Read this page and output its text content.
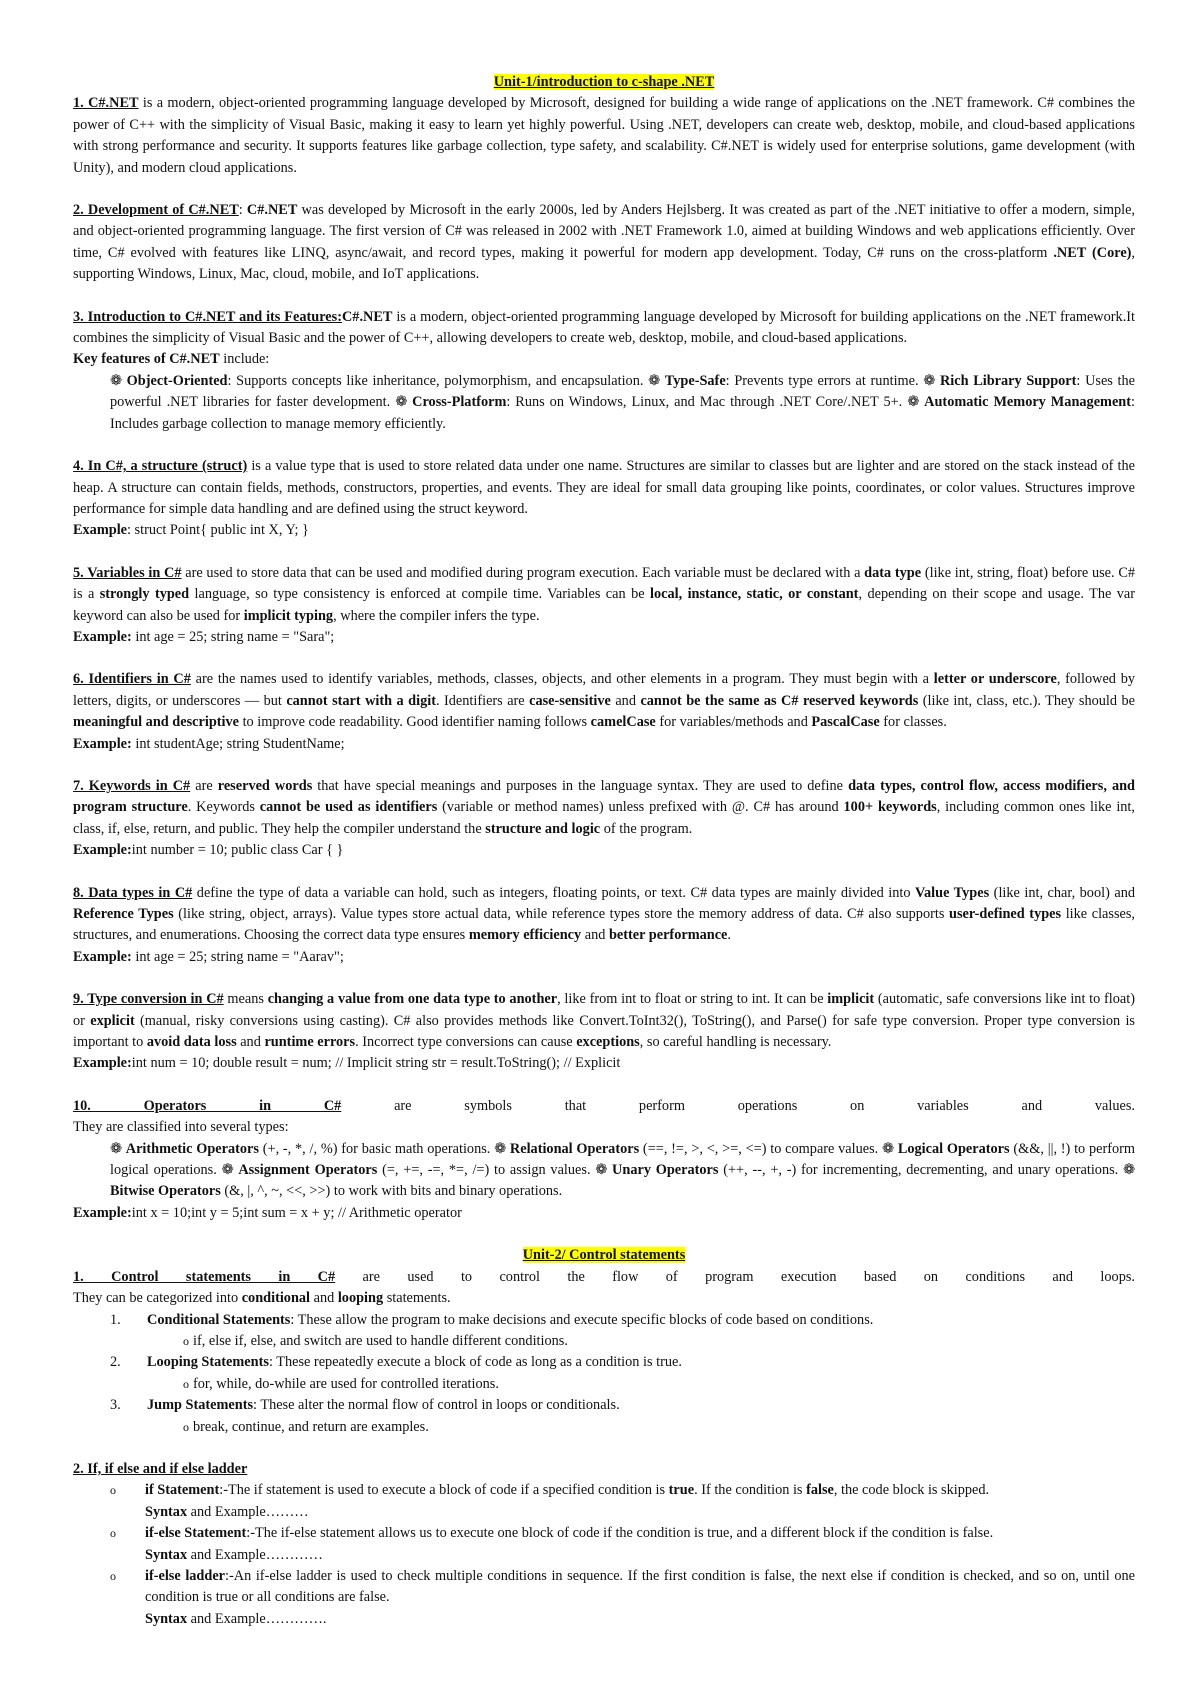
Unit-1/introduction to c-shape .NET

1. C#.NET is a modern, object-oriented programming language developed by Microsoft, designed for building a wide range of applications on the .NET framework. C# combines the power of C++ with the simplicity of Visual Basic, making it easy to learn yet highly powerful. Using .NET, developers can create web, desktop, mobile, and cloud-based applications with strong performance and security. It supports features like garbage collection, type safety, and scalability. C#.NET is widely used for enterprise solutions, game development (with Unity), and modern cloud applications.

2. Development of C#.NET: C#.NET was developed by Microsoft in the early 2000s, led by Anders Hejlsberg. It was created as part of the .NET initiative to offer a modern, simple, and object-oriented programming language. The first version of C# was released in 2002 with .NET Framework 1.0, aimed at building Windows and web applications efficiently. Over time, C# evolved with features like LINQ, async/await, and record types, making it powerful for modern app development. Today, C# runs on the cross-platform .NET (Core), supporting Windows, Linux, Mac, cloud, mobile, and IoT applications.

3. Introduction to C#.NET and its Features:C#.NET is a modern, object-oriented programming language developed by Microsoft for building applications on the .NET framework.It combines the simplicity of Visual Basic and the power of C++, allowing developers to create web, desktop, mobile, and cloud-based applications.

Key features of C#.NET include:

❁ Object-Oriented: Supports concepts like inheritance, polymorphism, and encapsulation. ❁ Type-Safe: Prevents type errors at runtime. ❁ Rich Library Support: Uses the powerful .NET libraries for faster development. ❁ Cross-Platform: Runs on Windows, Linux, and Mac through .NET Core/.NET 5+. ❁ Automatic Memory Management: Includes garbage collection to manage memory efficiently.

4. In C#, a structure (struct) is a value type that is used to store related data under one name. Structures are similar to classes but are lighter and are stored on the stack instead of the heap. A structure can contain fields, methods, constructors, properties, and events. They are ideal for small data grouping like points, coordinates, or color values. Structures improve performance for simple data handling and are defined using the struct keyword.

Example: struct Point{ public int X, Y; }

5. Variables in C# are used to store data that can be used and modified during program execution. Each variable must be declared with a data type (like int, string, float) before use. C# is a strongly typed language, so type consistency is enforced at compile time. Variables can be local, instance, static, or constant, depending on their scope and usage. The var keyword can also be used for implicit typing, where the compiler infers the type.

Example: int age = 25; string name = "Sara";

6. Identifiers in C# are the names used to identify variables, methods, classes, objects, and other elements in a program. They must begin with a letter or underscore, followed by letters, digits, or underscores — but cannot start with a digit. Identifiers are case-sensitive and cannot be the same as C# reserved keywords (like int, class, etc.). They should be meaningful and descriptive to improve code readability. Good identifier naming follows camelCase for variables/methods and PascalCase for classes.

Example: int studentAge; string StudentName;

7. Keywords in C# are reserved words that have special meanings and purposes in the language syntax. They are used to define data types, control flow, access modifiers, and program structure. Keywords cannot be used as identifiers (variable or method names) unless prefixed with @. C# has around 100+ keywords, including common ones like int, class, if, else, return, and public. They help the compiler understand the structure and logic of the program.

Example:int number = 10; public class Car { }

8. Data types in C# define the type of data a variable can hold, such as integers, floating points, or text. C# data types are mainly divided into Value Types (like int, char, bool) and Reference Types (like string, object, arrays). Value types store actual data, while reference types store the memory address of data. C# also supports user-defined types like classes, structures, and enumerations. Choosing the correct data type ensures memory efficiency and better performance.

Example: int age = 25; string name = "Aarav";

9. Type conversion in C# means changing a value from one data type to another, like from int to float or string to int. It can be implicit (automatic, safe conversions like int to float) or explicit (manual, risky conversions using casting). C# also provides methods like Convert.ToInt32(), ToString(), and Parse() for safe type conversion. Proper type conversion is important to avoid data loss and runtime errors. Incorrect type conversions can cause exceptions, so careful handling is necessary.

Example:int num = 10; double result = num; // Implicit string str = result.ToString(); // Explicit

10. Operators in C# are symbols that perform operations on variables and values.

They are classified into several types:

❁ Arithmetic Operators (+, -, *, /, %) for basic math operations. ❁ Relational Operators (==, !=, >, <, >=, <=) to compare values. ❁ Logical Operators (&&, ||, !) to perform logical operations. ❁ Assignment Operators (=, +=, -=, *=, /=) to assign values. ❁ Unary Operators (++, --, +, -) for incrementing, decrementing, and unary operations. ❁ Bitwise Operators (&, |, ^, ~, <<, >>) to work with bits and binary operations.

Example:int x = 10;int y = 5;int sum = x + y; // Arithmetic operator

Unit-2/ Control statements

1. Control statements in C# are used to control the flow of program execution based on conditions and loops.

They can be categorized into conditional and looping statements.

1. Conditional Statements: These allow the program to make decisions and execute specific blocks of code based on conditions.
o if, else if, else, and switch are used to handle different conditions.
2. Looping Statements: These repeatedly execute a block of code as long as a condition is true.
o for, while, do-while are used for controlled iterations.
3. Jump Statements: These alter the normal flow of control in loops or conditionals.
o break, continue, and return are examples.

2. If, if else and if else ladder

o if Statement:-The if statement is used to execute a block of code if a specified condition is true. If the condition is false, the code block is skipped.
Syntax and Example………
o if-else Statement:-The if-else statement allows us to execute one block of code if the condition is true, and a different block if the condition is false.
Syntax and Example…………
o if-else ladder:-An if-else ladder is used to check multiple conditions in sequence. If the first condition is false, the next else if condition is checked, and so on, until one condition is true or all conditions are false.
Syntax and Example………….
